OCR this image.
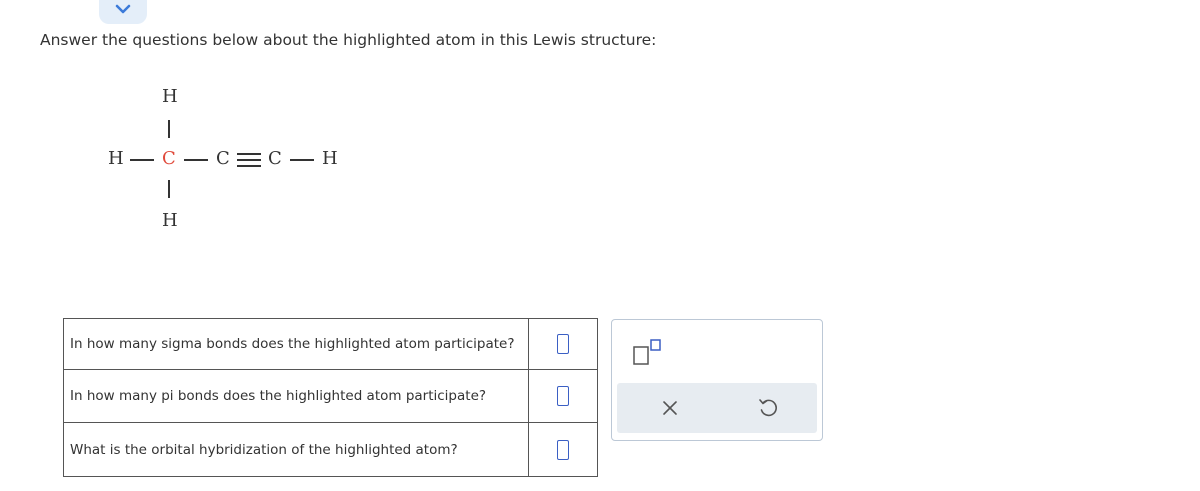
Answer the questions below about the highlighted atom in this Lewis structure:
H
H C C C H
H
In how many sigma bonds does the highlighted atom participate?	
In how many pi bonds does the highlighted atom participate?	
What is the orbital hybridization of the highlighted atom?	
